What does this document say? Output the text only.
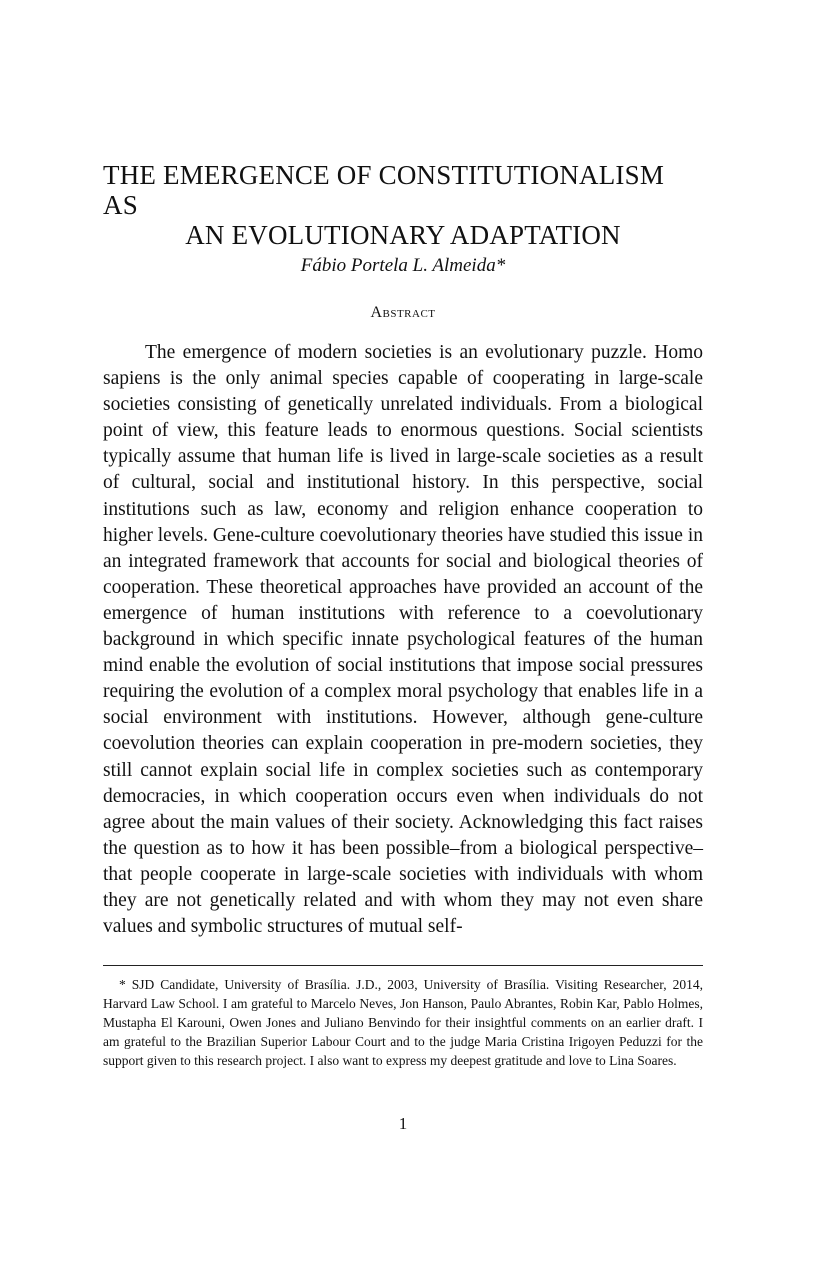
THE EMERGENCE OF CONSTITUTIONALISM AS
AN EVOLUTIONARY ADAPTATION
Fábio Portela L. Almeida*
Abstract

The emergence of modern societies is an evolutionary puzzle. Homo sapiens is the only animal species capable of cooperating in large-scale societies consisting of genetically unrelated individuals. From a biological point of view, this feature leads to enormous questions. Social scientists typically assume that human life is lived in large-scale societies as a result of cultural, social and institutional history. In this perspective, social institutions such as law, economy and religion enhance cooperation to higher levels. Gene-culture coevolutionary theories have studied this issue in an integrated framework that accounts for social and biological theories of cooperation. These theoretical approaches have provided an account of the emergence of human institutions with reference to a coevolutionary background in which specific innate psychological features of the human mind enable the evolution of social institutions that impose social pressures requiring the evolution of a complex moral psychology that enables life in a social environment with institutions. However, although gene-culture coevolution theories can explain cooperation in pre-modern societies, they still cannot explain social life in complex societies such as contemporary democracies, in which cooperation occurs even when individuals do not agree about the main values of their society. Acknowledging this fact raises the question as to how it has been possible–from a biological perspective–that people cooperate in large-scale societies with individuals with whom they are not genetically related and with whom they may not even share values and symbolic structures of mutual self-

* SJD Candidate, University of Brasília. J.D., 2003, University of Brasília. Visiting Researcher, 2014, Harvard Law School. I am grateful to Marcelo Neves, Jon Hanson, Paulo Abrantes, Robin Kar, Pablo Holmes, Mustapha El Karouni, Owen Jones and Juliano Benvindo for their insightful comments on an earlier draft. I am grateful to the Brazilian Superior Labour Court and to the judge Maria Cristina Irigoyen Peduzzi for the support given to this research project. I also want to express my deepest gratitude and love to Lina Soares.

1
